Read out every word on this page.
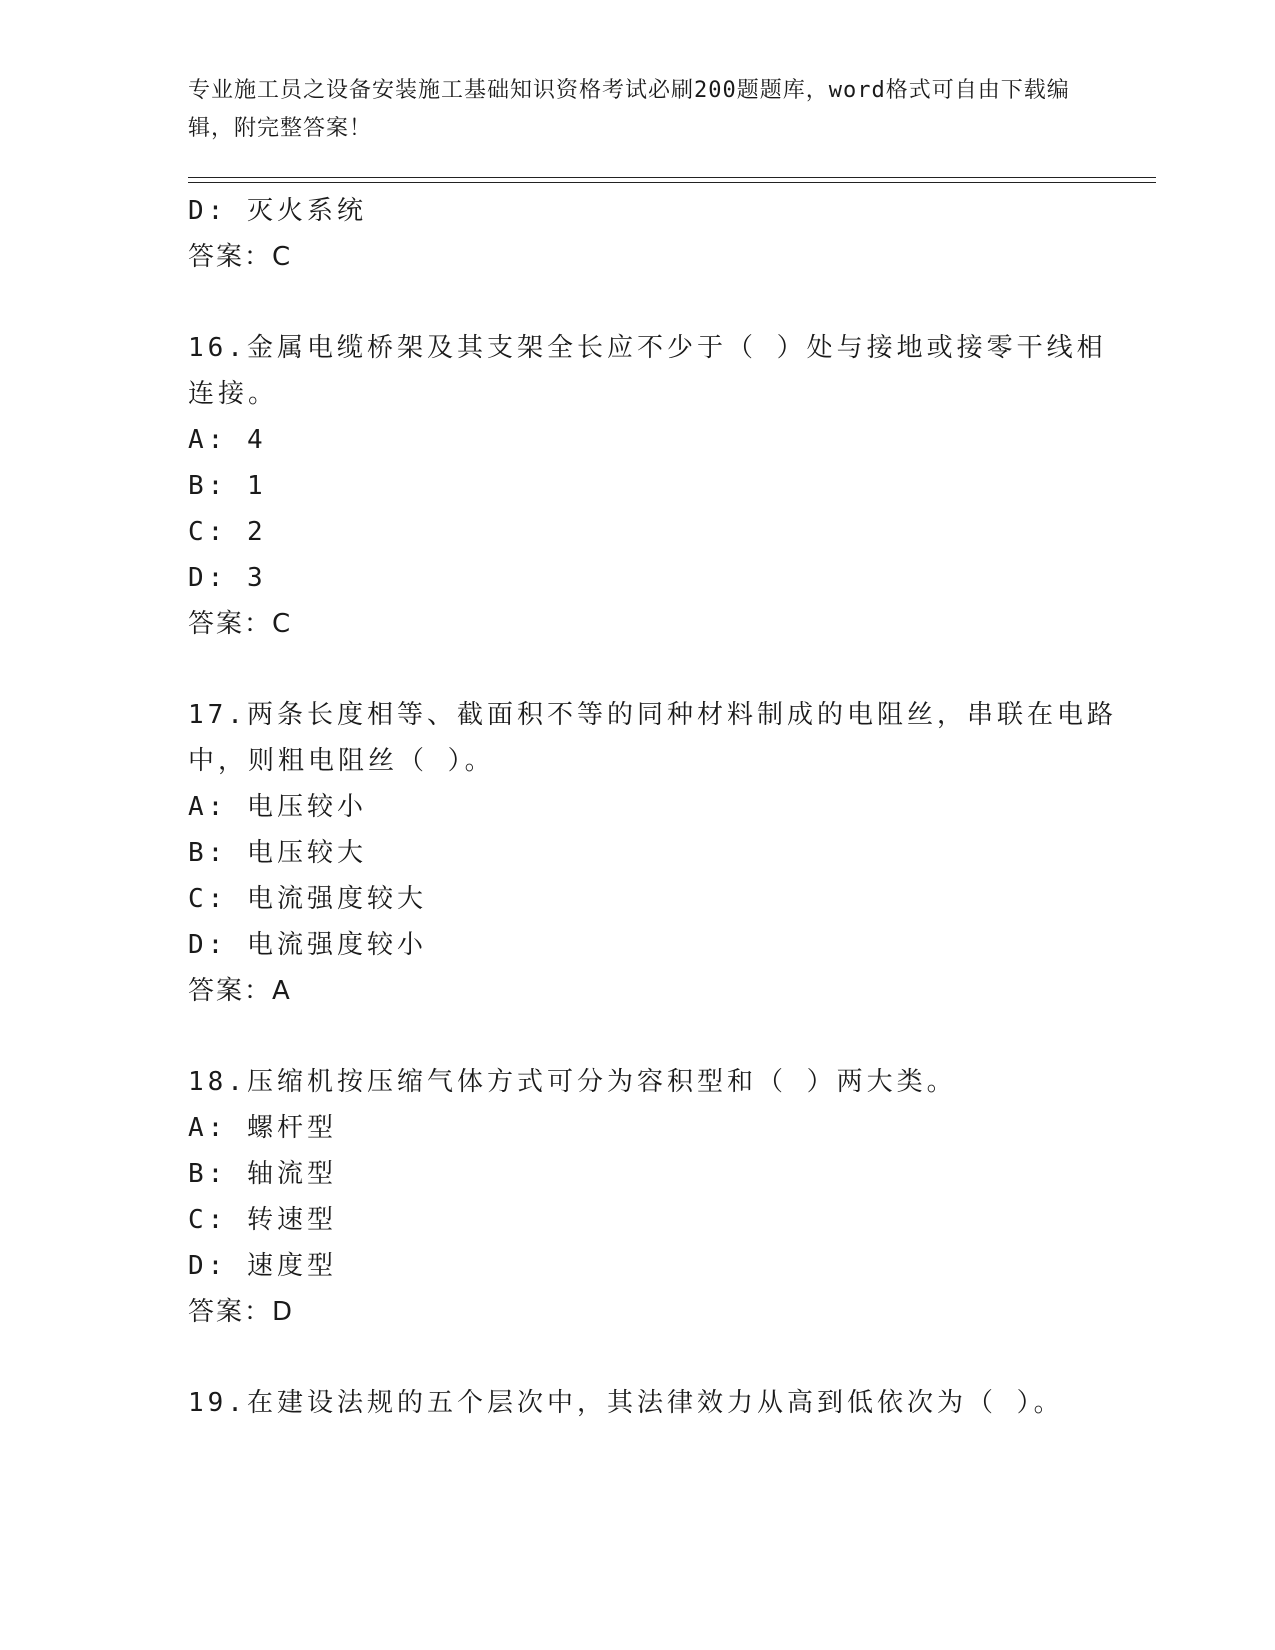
专业施工员之设备安装施工基础知识资格考试必刷200题题库，word格式可自由下载编辑，附完整答案！
D: 灭火系统
答案：C
16.金属电缆桥架及其支架全长应不少于（ ）处与接地或接零干线相
连接。
A: 4
B: 1
C: 2
D: 3
答案：C
17.两条长度相等、截面积不等的同种材料制成的电阻丝，串联在电路
中，则粗电阻丝（ ）。
A: 电压较小
B: 电压较大
C: 电流强度较大
D: 电流强度较小
答案：A
18.压缩机按压缩气体方式可分为容积型和（ ）两大类。
A: 螺杆型
B: 轴流型
C: 转速型
D: 速度型
答案：D
19.在建设法规的五个层次中，其法律效力从高到低依次为（ ）。
